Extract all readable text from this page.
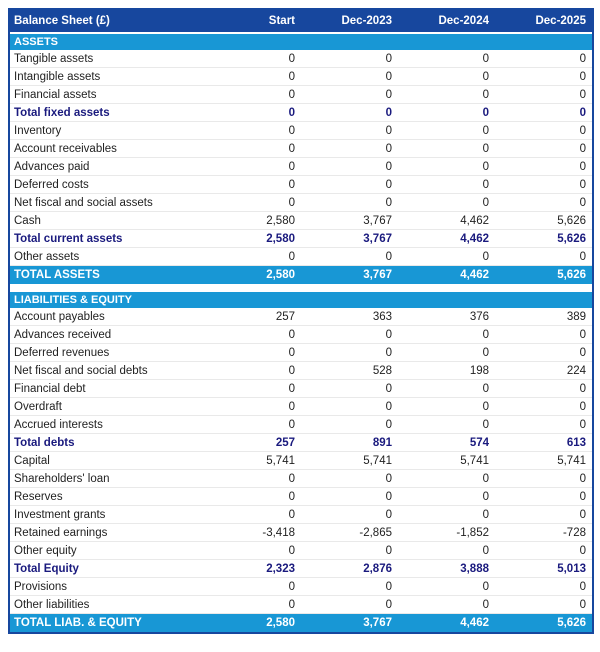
Balance Sheet (£)	Start	Dec-2023	Dec-2024	Dec-2025
ASSETS
Tangible assets	0	0	0	0
Intangible assets	0	0	0	0
Financial assets	0	0	0	0
Total fixed assets	0	0	0	0
Inventory	0	0	0	0
Account receivables	0	0	0	0
Advances paid	0	0	0	0
Deferred costs	0	0	0	0
Net fiscal and social assets	0	0	0	0
Cash	2,580	3,767	4,462	5,626
Total current assets	2,580	3,767	4,462	5,626
Other assets	0	0	0	0
TOTAL ASSETS	2,580	3,767	4,462	5,626
LIABILITIES & EQUITY
Account payables	257	363	376	389
Advances received	0	0	0	0
Deferred revenues	0	0	0	0
Net fiscal and social debts	0	528	198	224
Financial debt	0	0	0	0
Overdraft	0	0	0	0
Accrued interests	0	0	0	0
Total debts	257	891	574	613
Capital	5,741	5,741	5,741	5,741
Shareholders' loan	0	0	0	0
Reserves	0	0	0	0
Investment grants	0	0	0	0
Retained earnings	-3,418	-2,865	-1,852	-728
Other equity	0	0	0	0
Total Equity	2,323	2,876	3,888	5,013
Provisions	0	0	0	0
Other liabilities	0	0	0	0
TOTAL LIAB. & EQUITY	2,580	3,767	4,462	5,626
